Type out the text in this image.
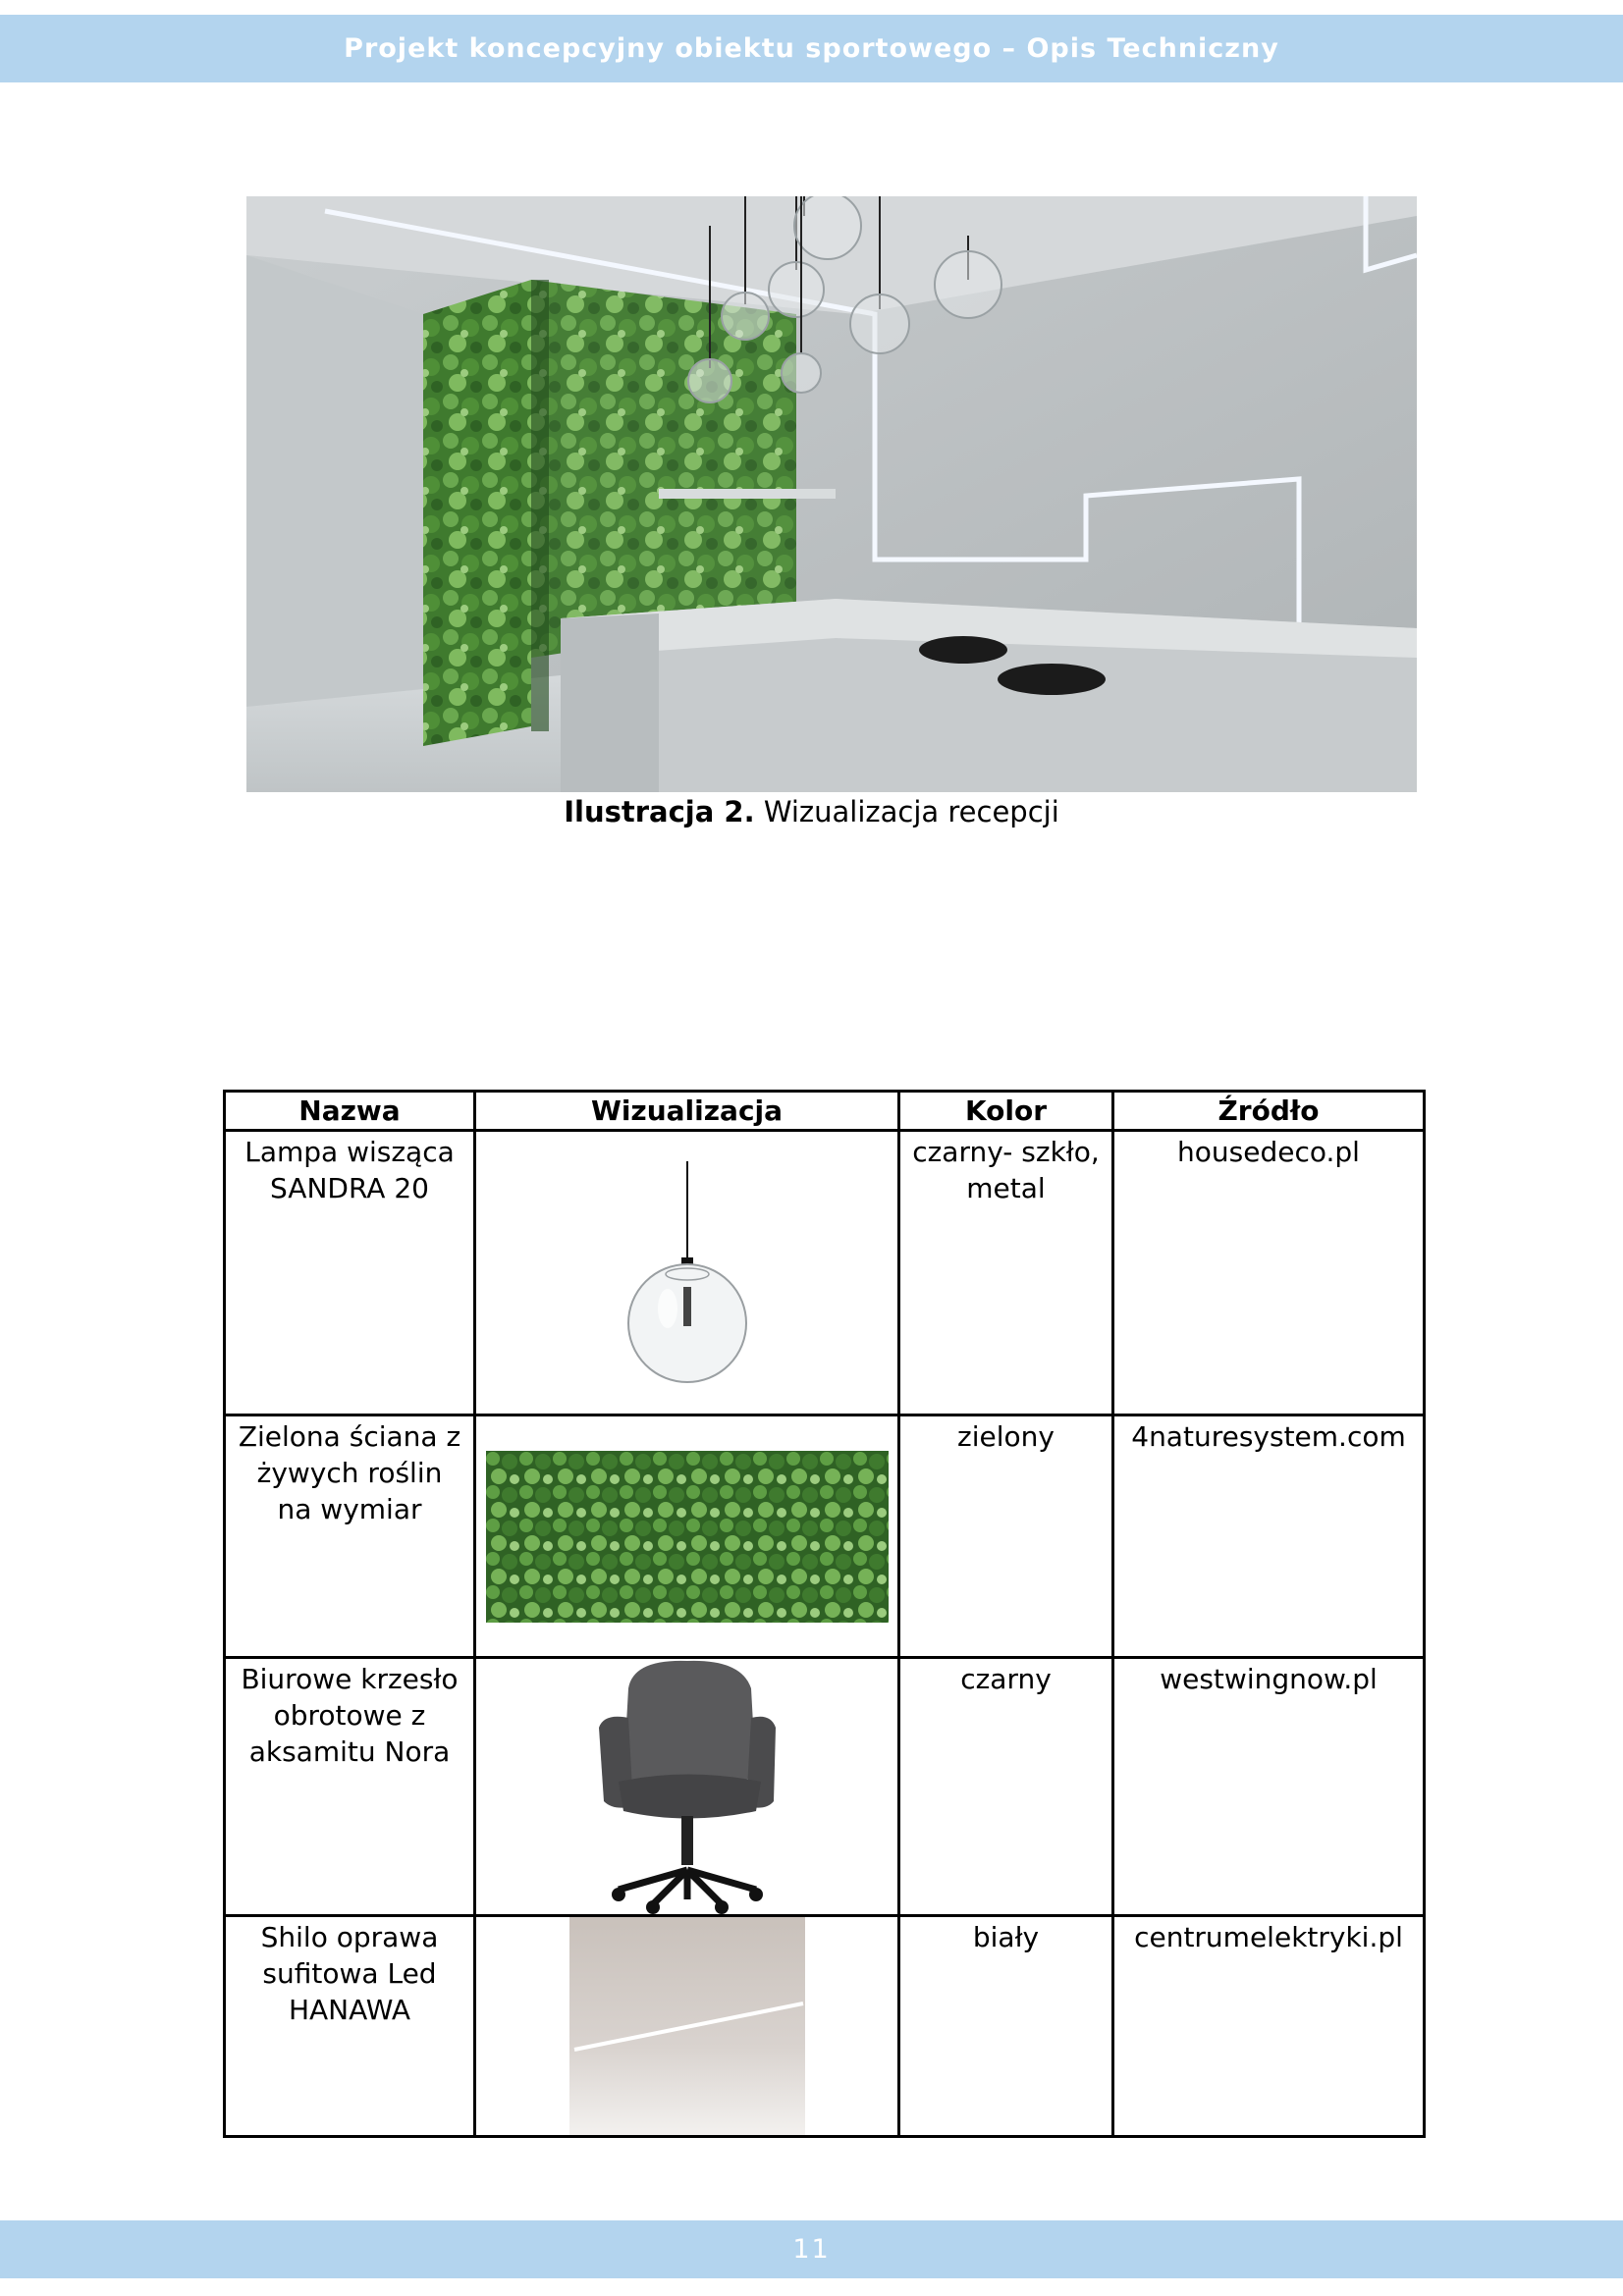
Projekt koncepcyjny obiektu sportowego – Opis Techniczny
Ilustracja 2. Wizualizacja recepcji
Nazwa	Wizualizacja	Kolor	Źródło
Lampa wisząca SANDRA 20		czarny- szkło, metal	housedeco.pl
Zielona ściana z żywych roślin na wymiar		zielony	4naturesystem.com
Biurowe krzesło obrotowe z aksamitu Nora		czarny	westwingnow.pl
Shilo oprawa sufitowa Led HANAWA		biały	centrumelektryki.pl
11
